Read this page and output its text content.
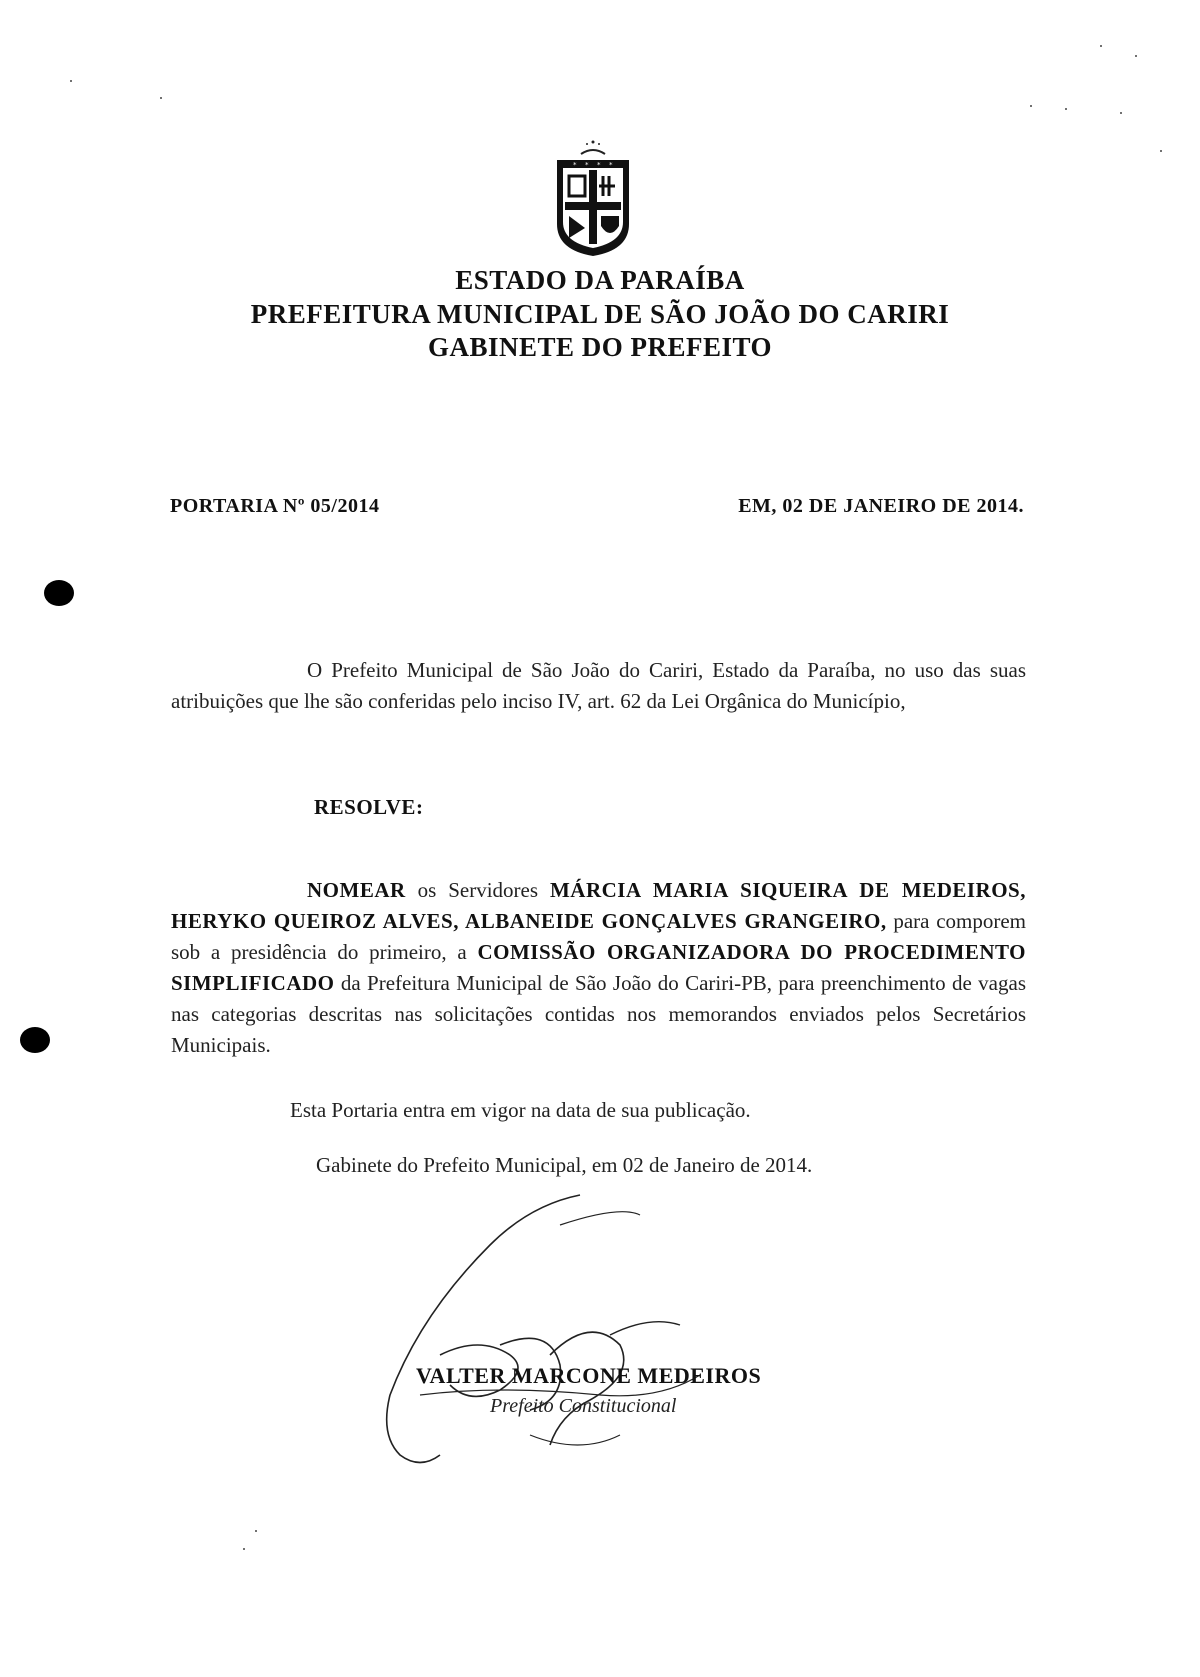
* * * *
ESTADO DA PARAÍBA
PREFEITURA MUNICIPAL DE SÃO JOÃO DO CARIRI
GABINETE DO PREFEITO
PORTARIA Nº 05/2014	EM, 02 DE JANEIRO DE 2014.
O Prefeito Municipal de São João do Cariri, Estado da Paraíba, no uso das suas atribuições que lhe são conferidas pelo inciso IV, art. 62 da Lei Orgânica do Município,
RESOLVE:
NOMEAR os Servidores MÁRCIA MARIA SIQUEIRA DE MEDEIROS, HERYKO QUEIROZ ALVES, ALBANEIDE GONÇALVES GRANGEIRO, para comporem sob a presidência do primeiro, a COMISSÃO ORGANIZADORA DO PROCEDIMENTO SIMPLIFICADO da Prefeitura Municipal de São João do Cariri-PB, para preenchimento de vagas nas categorias descritas nas solicitações contidas nos memorandos enviados pelos Secretários Municipais.
Esta Portaria entra em vigor na data de sua publicação.
Gabinete do Prefeito Municipal, em 02 de Janeiro de 2014.
VALTER MARCONE MEDEIROS
Prefeito Constitucional
